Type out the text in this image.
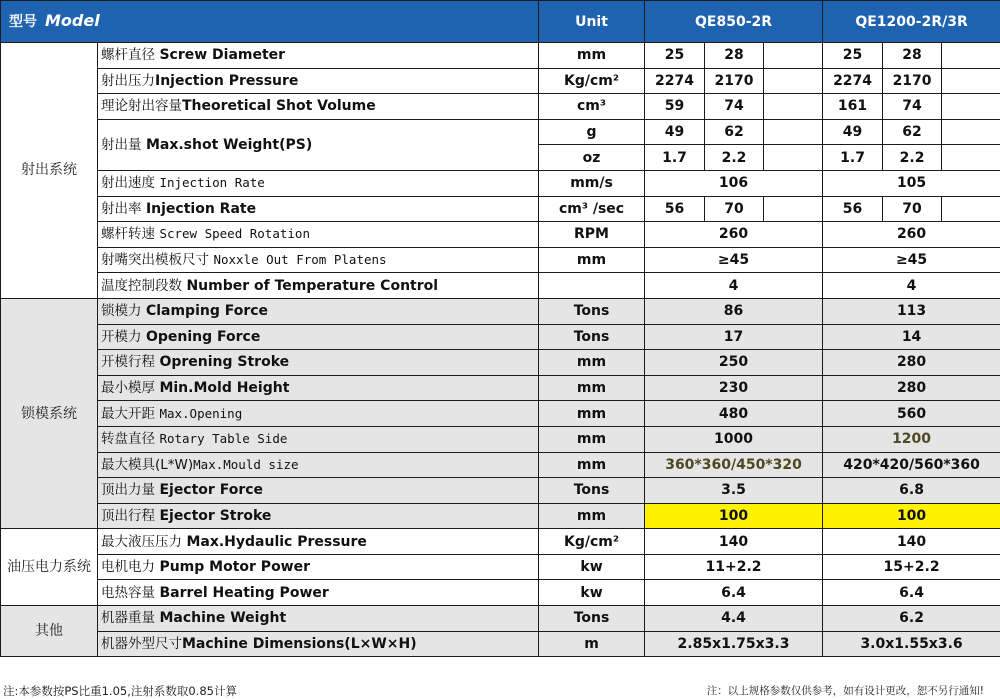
型号 Model		Unit	QE850-2R			QE1200-2R/3R		
射出系统	螺杆直径 Screw Diameter	mm	25	28		25	28	
	射出压力Injection Pressure	Kg/cm²	2274	2170		2274	2170	
	理论射出容量Theoretical Shot Volume	cm³	59	74		161	74	
	射出量 Max.shot Weight(PS)	g	49	62		49	62	
		oz	1.7	2.2		1.7	2.2	
	射出速度 Injection Rate	mm/s	106			105		
	射出率 Injection Rate	cm³ /sec	56	70		56	70	
	螺杆转速 Screw Speed Rotation	RPM	260			260		
	射嘴突出模板尺寸 Noxxle Out From Platens	mm	≥45			≥45		
	温度控制段数 Number of Temperature Control		4			4		
锁模系统	锁模力 Clamping Force	Tons	86			113		
	开模力 Opening Force	Tons	17			14		
	开模行程 Oprening Stroke	mm	250			280		
	最小模厚 Min.Mold Height	mm	230			280		
	最大开距 Max.Opening	mm	480			560		
	转盘直径 Rotary Table Side	mm	1000			1200		
	最大模具(L*W)Max.Mould size	mm	360*360/450*320			420*420/560*360		
	顶出力量 Ejector Force	Tons	3.5			6.8		
	顶出行程 Ejector Stroke	mm	100			100		
油压电力系统	最大液压压力 Max.Hydaulic Pressure	Kg/cm²	140			140		
	电机电力 Pump Motor Power	kw	11+2.2			15+2.2		
	电热容量 Barrel Heating Power	kw	6.4			6.4		
其他	机器重量 Machine Weight	Tons	4.4			6.2		
	机器外型尺寸Machine Dimensions(L×W×H)	m	2.85x1.75x3.3			3.0x1.55x3.6		
注:本参数按PS比重1.05,注射系数取0.85计算	注：以上规格参数仅供参考，如有设计更改，恕不另行通知!
